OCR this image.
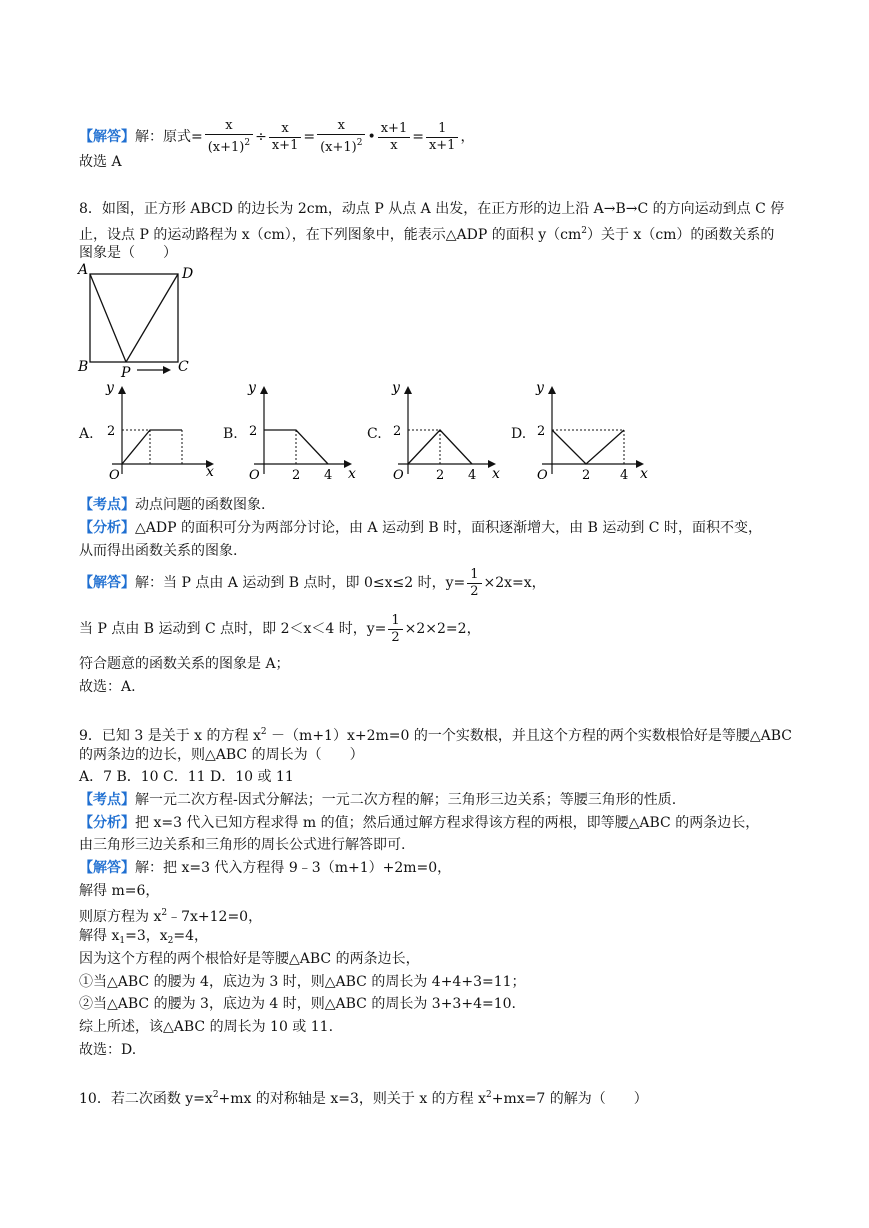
【解答】解：原式= $\frac{x}{(x+1)^2} \div \frac{x}{x+1} = \frac{x}{(x+1)^2}$ • $\frac{x+1}{x} = \frac{1}{x+1}$ ，
故选 A
8．如图，正方形 ABCD 的边长为 2cm，动点 P 从点 A 出发，在正方形的边上沿 A→B→C 的方向运动到点 C 停
止，设点 P 的运动路程为 x（cm），在下列图象中，能表示△ADP 的面积 $y(cm^2)$关于 x（cm）的函数关系的
图象是（　　）
A	D
B	C
P
A.
y
2
O	x
B.
y
2
O 2 4 x
C.
y
2
O 2 4 x
D.
y
2
O	2 4 x
【考点】动点问题的函数图象.
【分析】△ADP 的面积可分为两部分讨论，由 A 运动到 B 时，面积逐渐增大，由 B 运动到 C 时，面积不变，
从而得出函数关系的图象.
【解答】解：当 P 点由 A 运动到 B 点时，即 0≤x≤2 时，$y= \frac{1}{2} \times 2x=x$，
当 P 点由 B 运动到 C 点时，即 2＜x＜4 时，$y= \frac{1}{2} \times 2\times 2=2$，
符合题意的函数关系的图象是 A；
故选：A.
9．已知 3 是关于 x 的方程 $x^2 -(m+1)x+2m=0$ 的一个实数根，并且这个方程的两个实数根恰好是等腰△ABC
的两条边的边长，则△ABC 的周长为（　　）
A．7 B．10 C．11 D．10 或 11
【考点】解一元二次方程-因式分解法；一元二次方程的解；三角形三边关系；等腰三角形的性质.
【分析】把 x=3 代入已知方程求得 m 的值；然后通过解方程求得该方程的两根，即等腰△ABC 的两条边长，
由三角形三边关系和三角形的周长公式进行解答即可.
【解答】解：把 x=3 代入方程得 9﹣3（m+1）+2m=0，
解得 m=6，
则原方程为 $x^2﹣7x+12=0$，
解得 $x_1=3$，$x_2=4$，
因为这个方程的两个根恰好是等腰△ABC 的两条边长，
①当△ABC 的腰为 4，底边为 3 时，则△ABC 的周长为 4+4+3=11；
②当△ABC 的腰为 3，底边为 4 时，则△ABC 的周长为 3+3+4=10.
综上所述，该△ABC 的周长为 10 或 11.
故选：D.
10．若二次函数 $y=x^2+mx$ 的对称轴是 x=3，则关于 x 的方程 $x^2+mx=7$ 的解为（　　）
